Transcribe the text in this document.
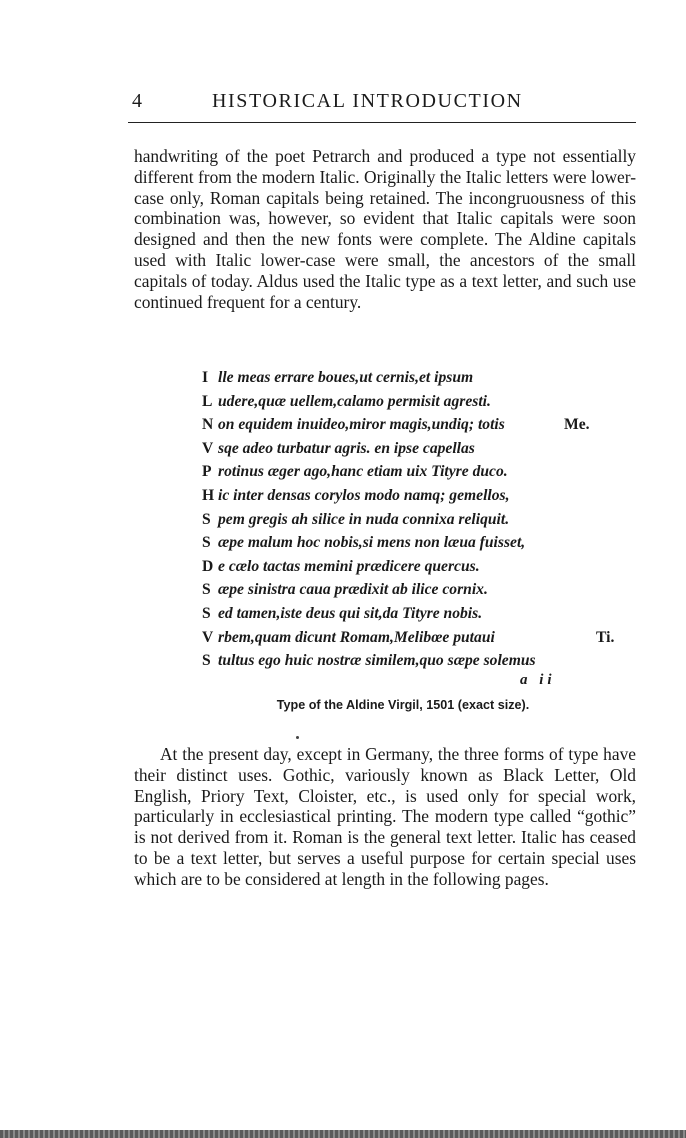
4	HISTORICAL INTRODUCTION

handwriting of the poet Petrarch and produced a type not essentially different from the modern Italic. Originally the Italic letters were lower-case only, Roman capitals being retained. The incongruousness of this combination was, however, so evident that Italic capitals were soon designed and then the new fonts were complete. The Aldine capitals used with Italic lower-case were small, the ancestors of the small capitals of today. Aldus used the Italic type as a text letter, and such use continued frequent for a century.

I lle meas errare boues,ut cernis,et ipsum
L udere,quæ uellem,calamo permisit agresti.
N on equidem inuideo,miror magis,undiq; totis	Me.
V sqe adeo turbatur agris. en ipse capellas
P rotinus æger ago,hanc etiam uix Tityre duco.
H ic inter densas corylos modo namq; gemellos,
S pem gregis ah silice in nuda connixa reliquit.
S æpe malum hoc nobis,si mens non læua fuisset,
D e cælo tactas memini prædicere quercus.
S æpe sinistra caua prædixit ab ilice cornix.
S ed tamen,iste deus qui sit,da Tityre nobis.
V rbem,quam dicunt Romam,Melibœe putaui	Ti.
S tultus ego huic nostræ similem,quo sæpe solemus
a ii
Type of the Aldine Virgil, 1501 (exact size).

At the present day, except in Germany, the three forms of type have their distinct uses. Gothic, variously known as Black Letter, Old English, Priory Text, Cloister, etc., is used only for special work, particularly in ecclesiastical printing. The modern type called “gothic” is not derived from it. Roman is the general text letter. Italic has ceased to be a text letter, but serves a useful purpose for certain special uses which are to be considered at length in the following pages.
